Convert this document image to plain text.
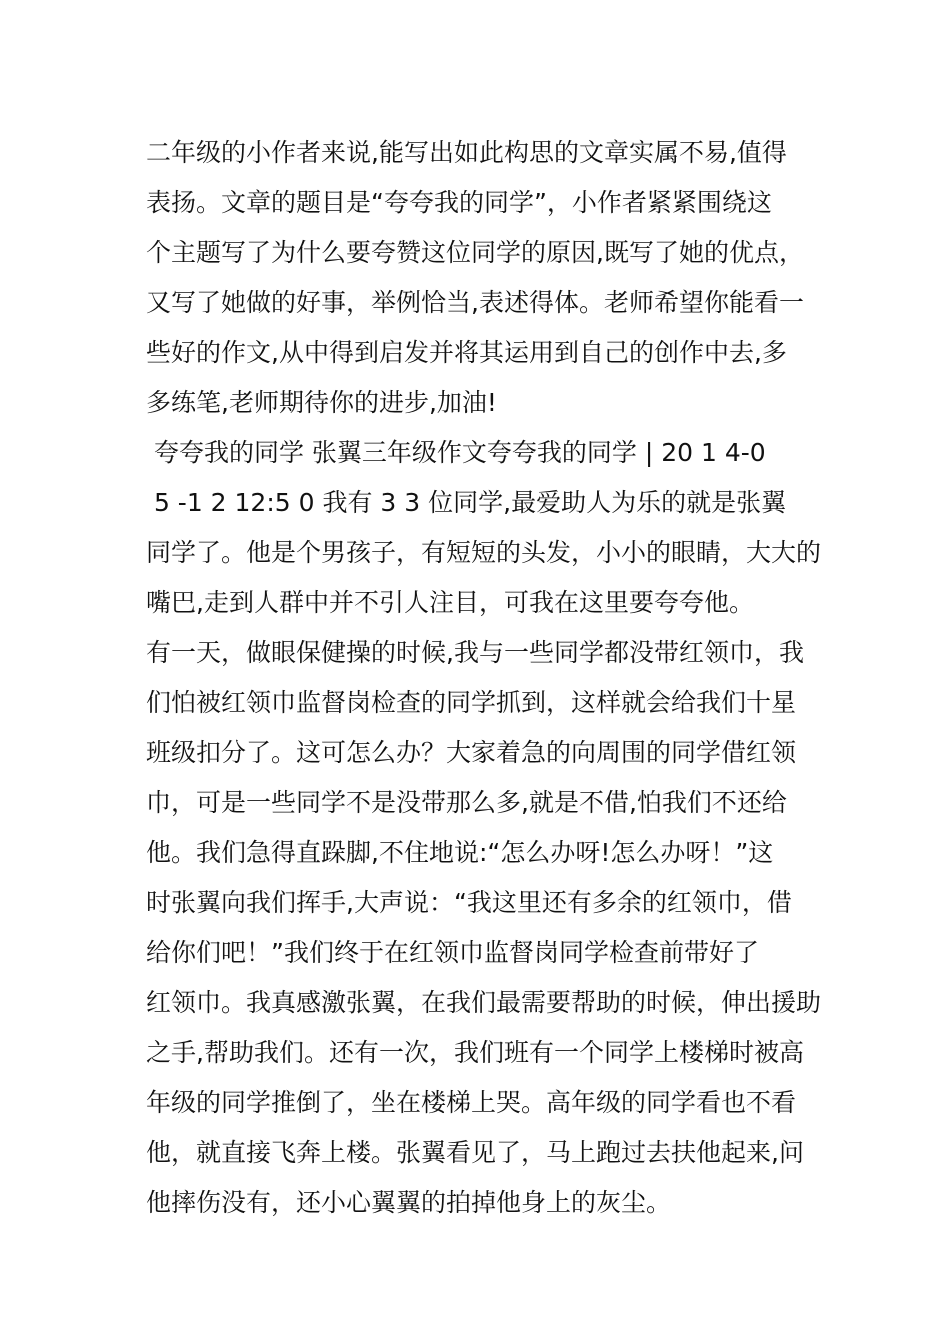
二年级的小作者来说,能写出如此构思的文章实属不易,值得
表扬。文章的题目是“夸夸我的同学”，小作者紧紧围绕这
个主题写了为什么要夸赞这位同学的原因,既写了她的优点，
又写了她做的好事，举例恰当,表述得体。老师希望你能看一
些好的作文,从中得到启发并将其运用到自己的创作中去,多
多练笔,老师期待你的进步,加油!
夸夸我的同学 张翼三年级作文夸夸我的同学 | 20 1 4-0
5 -1 2 12:5 0 我有 3 3 位同学,最爱助人为乐的就是张翼
同学了。他是个男孩子，有短短的头发，小小的眼睛，大大的
嘴巴,走到人群中并不引人注目，可我在这里要夸夸他。
有一天，做眼保健操的时候,我与一些同学都没带红领巾，我
们怕被红领巾监督岗检查的同学抓到，这样就会给我们十星
班级扣分了。这可怎么办？大家着急的向周围的同学借红领
巾，可是一些同学不是没带那么多,就是不借,怕我们不还给
他。我们急得直跺脚,不住地说:“怎么办呀!怎么办呀！”这
时张翼向我们挥手,大声说：“我这里还有多余的红领巾，借
给你们吧！”我们终于在红领巾监督岗同学检查前带好了
红领巾。我真感激张翼，在我们最需要帮助的时候，伸出援助
之手,帮助我们。还有一次，我们班有一个同学上楼梯时被高
年级的同学推倒了，坐在楼梯上哭。高年级的同学看也不看
他，就直接飞奔上楼。张翼看见了，马上跑过去扶他起来,问
他摔伤没有，还小心翼翼的拍掉他身上的灰尘。
